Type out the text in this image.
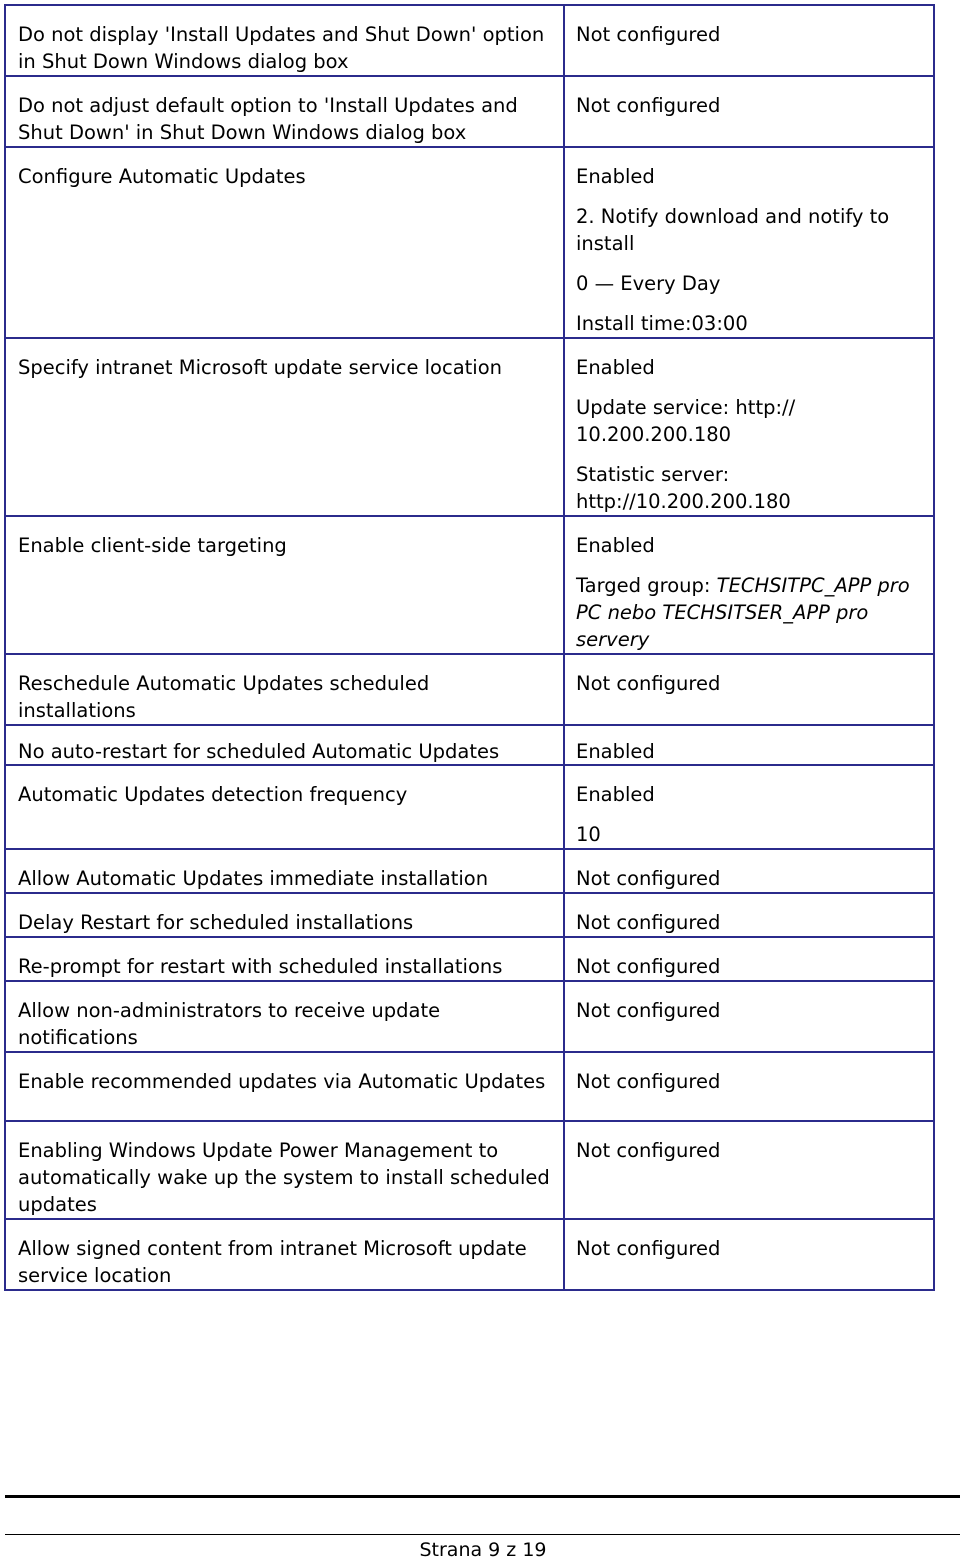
Do not display 'Install Updates and Shut Down' option in Shut Down Windows dialog box	Not configured

Do not adjust default option to 'Install Updates and Shut Down' in Shut Down Windows dialog box	Not configured

Configure Automatic Updates	Enabled
2. Notify download and notify to install
0 — Every Day
Install time:03:00

Specify intranet Microsoft update service location	Enabled
Update service: http:// 10.200.200.180
Statistic server: http://10.200.200.180

Enable client-side targeting	Enabled
Targed group: TECHSITPC_APP pro PC nebo TECHSITSER_APP pro servery

Reschedule Automatic Updates scheduled installations	Not configured

No auto-restart for scheduled Automatic Updates	Enabled

Automatic Updates detection frequency	Enabled
10

Allow Automatic Updates immediate installation	Not configured

Delay Restart for scheduled installations	Not configured

Re-prompt for restart with scheduled installations	Not configured

Allow non-administrators to receive update notifications	Not configured

Enable recommended updates via Automatic Updates	Not configured

Enabling Windows Update Power Management to automatically wake up the system to install scheduled updates	Not configured

Allow signed content from intranet Microsoft update service location	Not configured
Strana 9 z 19
